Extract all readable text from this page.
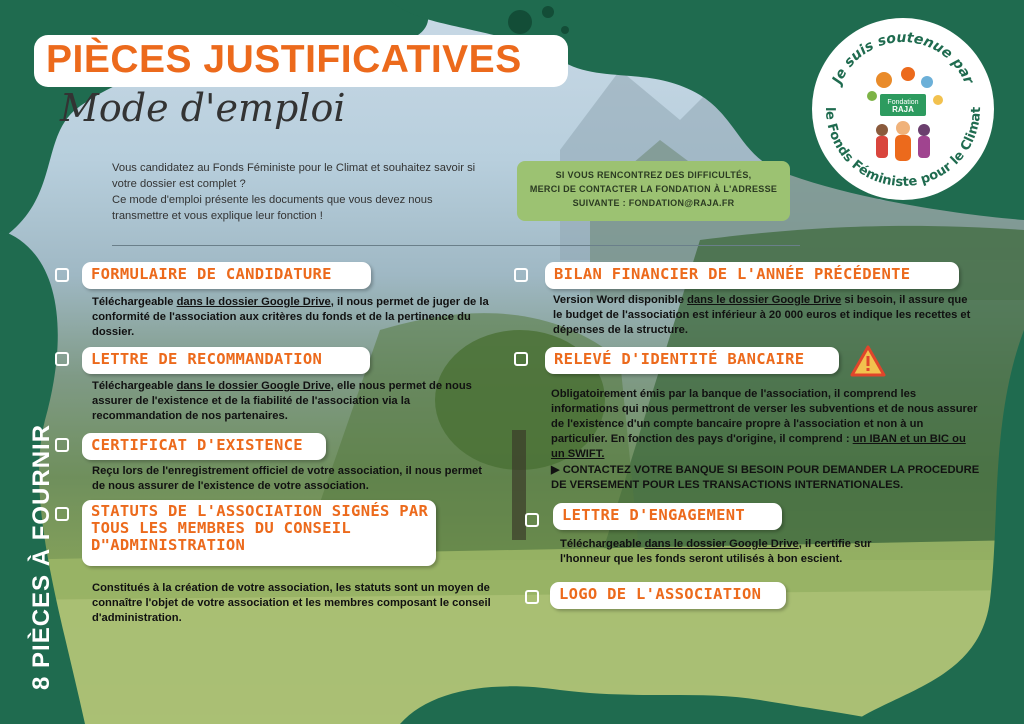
PIÈCES JUSTIFICATIVES
Mode d'emploi
Vous candidatez au Fonds Féministe pour le Climat et souhaitez savoir si votre dossier est complet ?
Ce mode d'emploi présente les documents que vous devez nous transmettre et vous explique leur fonction !
SI VOUS RENCONTREZ DES DIFFICULTÉS,
MERCI DE CONTACTER LA FONDATION À L'ADRESSE
SUIVANTE : FONDATION@RAJA.FR
8 PIÈCES À FOURNIR
Je suis soutenue par
le Fonds Féministe pour le Climat
Fondation
RAJA
FORMULAIRE DE CANDIDATURE
Téléchargeable dans le dossier Google Drive, il nous permet de juger de la conformité de l'association aux critères du fonds et de la pertinence du dossier.
LETTRE DE RECOMMANDATION
Téléchargeable dans le dossier Google Drive, elle nous permet de nous assurer de l'existence et de la fiabilité de l'association via la recommandation de nos partenaires.
CERTIFICAT D'EXISTENCE
Reçu lors de l'enregistrement officiel de votre association, il nous permet de nous assurer de l'existence de votre association.
STATUTS DE L'ASSOCIATION SIGNÉS PAR TOUS LES MEMBRES DU CONSEIL D"ADMINISTRATION
Constitués à la création de votre association, les statuts sont un moyen de connaître l'objet de votre association et les membres composant le conseil d'administration.
BILAN FINANCIER DE L'ANNÉE PRÉCÉDENTE
Version Word disponible dans le dossier Google Drive si besoin, il assure que le budget de l'association est inférieur à 20 000 euros et indique les recettes et dépenses de la structure.
RELEVÉ D'IDENTITÉ BANCAIRE
Obligatoirement émis par la banque de l'association, il comprend les informations qui nous permettront de verser les subventions et de nous assurer de l'existence d'un compte bancaire propre à l'association et non à un particulier. En fonction des pays d'origine, il comprend : un IBAN et un BIC ou un SWIFT.
▶ CONTACTEZ VOTRE BANQUE SI BESOIN POUR DEMANDER LA PROCEDURE DE VERSEMENT POUR LES TRANSACTIONS INTERNATIONALES.
LETTRE D'ENGAGEMENT
Téléchargeable dans le dossier Google Drive, il certifie sur l'honneur que les fonds seront utilisés à bon escient.
LOGO DE L'ASSOCIATION
